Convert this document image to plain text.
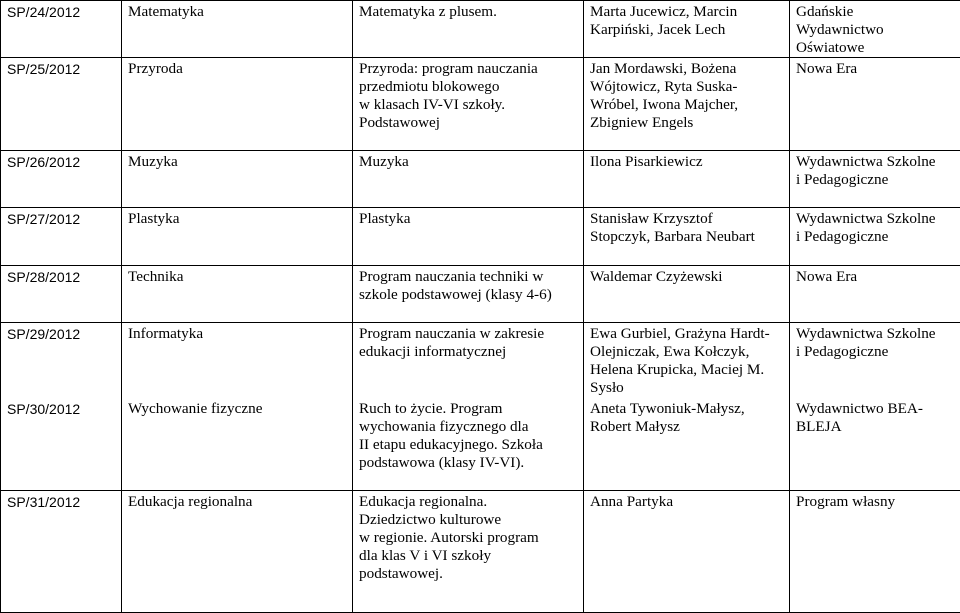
SP/24/2012	Matematyka	Matematyka z plusem.	Marta Jucewicz, Marcin
Karpiński, Jacek Lech	Gdańskie
Wydawnictwo
Oświatowe

SP/25/2012	Przyroda	Przyroda: program nauczania
przedmiotu blokowego
w klasach IV-VI szkoły.
Podstawowej	Jan Mordawski, Bożena
Wójtowicz, Ryta Suska-
Wróbel, Iwona Majcher,
Zbigniew Engels	Nowa Era

SP/26/2012	Muzyka	Muzyka	Ilona Pisarkiewicz	Wydawnictwa Szkolne
i Pedagogiczne

SP/27/2012	Plastyka	Plastyka	Stanisław Krzysztof
Stopczyk, Barbara Neubart	Wydawnictwa Szkolne
i Pedagogiczne

SP/28/2012	Technika	Program nauczania techniki w
szkole podstawowej (klasy 4-6)	Waldemar Czyżewski	Nowa Era

SP/29/2012	Informatyka	Program nauczania w zakresie
edukacji informatycznej	Ewa Gurbiel, Grażyna Hardt-
Olejniczak, Ewa Kołczyk,
Helena Krupicka, Maciej M.
Sysło	Wydawnictwa Szkolne
i Pedagogiczne

SP/30/2012	Wychowanie fizyczne	Ruch to życie. Program
wychowania fizycznego dla
II etapu edukacyjnego. Szkoła
podstawowa (klasy IV-VI).	Aneta Tywoniuk-Małysz,
Robert Małysz	Wydawnictwo BEA-
BLEJA

SP/31/2012	Edukacja regionalna	Edukacja regionalna.
Dziedzictwo kulturowe
w regionie. Autorski program
dla klas V i VI szkoły
podstawowej.	Anna Partyka	Program własny
